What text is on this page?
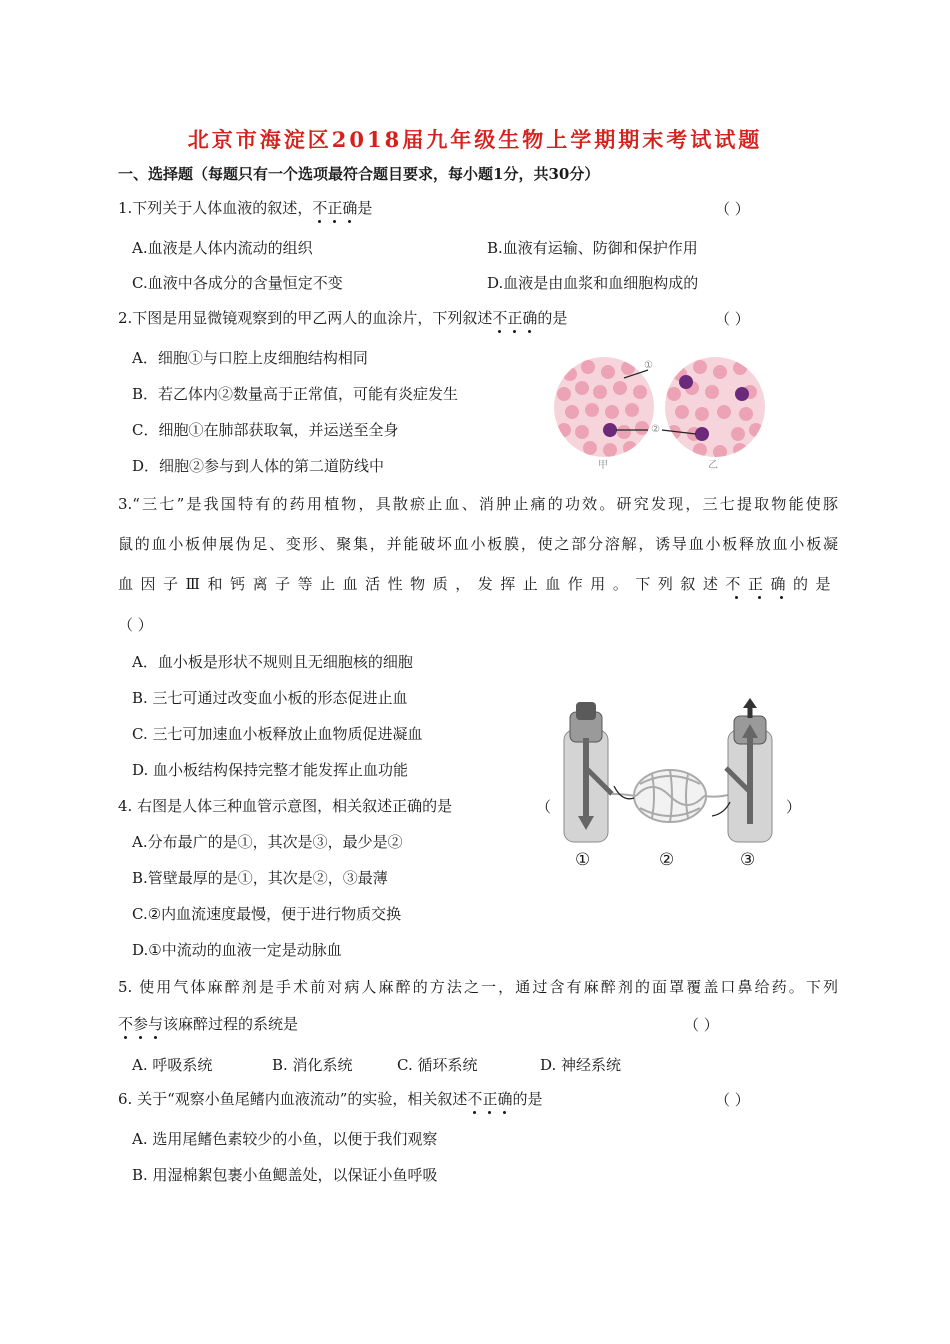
北京市海淀区2018届九年级生物上学期期末考试试题
一、选择题（每题只有一个选项最符合题目要求，每小题1分，共30分）
1.下列关于人体血液的叙述，不正确是	（ ）
A.血液是人体内流动的组织	B.血液有运输、防御和保护作用
C.血液中各成分的含量恒定不变	D.血液是由血浆和血细胞构成的
2.下图是用显微镜观察到的甲乙两人的血涂片，下列叙述不正确的是	（ ）
A．细胞①与口腔上皮细胞结构相同
B．若乙体内②数量高于正常值，可能有炎症发生
C．细胞①在肺部获取氧，并运送至全身
D．细胞②参与到人体的第二道防线中
①
②
甲	乙
3.“三七”是我国特有的药用植物，具散瘀止血、消肿止痛的功效。研究发现，三七提取物能使豚
鼠的血小板伸展伪足、变形、聚集，并能破坏血小板膜，使之部分溶解，诱导血小板释放血小板凝
血因子Ⅲ和钙离子等止血活性物质，发挥止血作用。下列叙述不正确的是
（ ）
A．血小板是形状不规则且无细胞核的细胞
B. 三七可通过改变血小板的形态促进止血
C. 三七可加速血小板释放止血物质促进凝血
D. 血小板结构保持完整才能发挥止血功能
①	②	③
4. 右图是人体三种血管示意图，相关叙述正确的是	（	）
A.分布最广的是①，其次是③，最少是②
B.管壁最厚的是①，其次是②，③最薄
C.②内血流速度最慢，便于进行物质交换
D.①中流动的血液一定是动脉血
5. 使用气体麻醉剂是手术前对病人麻醉的方法之一，通过含有麻醉剂的面罩覆盖口鼻给药。下列
不参与该麻醉过程的系统是	（ ）
A. 呼吸系统	B. 消化系统	C. 循环系统	D. 神经系统
6. 关于“观察小鱼尾鳍内血液流动”的实验，相关叙述不正确的是	（ ）
A. 选用尾鳍色素较少的小鱼，以便于我们观察
B. 用湿棉絮包裹小鱼鳃盖处，以保证小鱼呼吸
